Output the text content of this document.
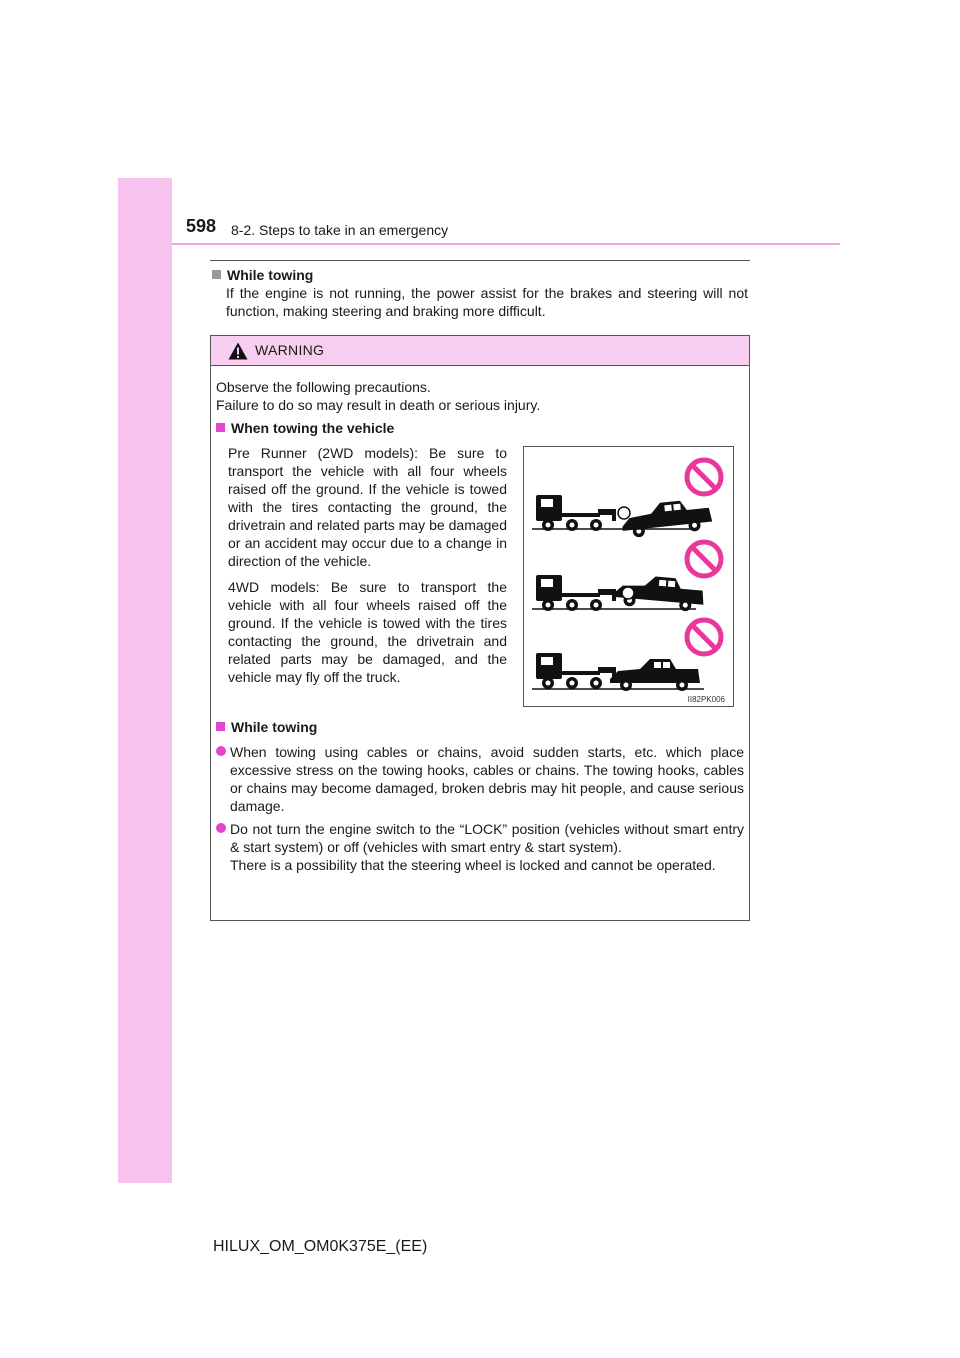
598 8-2. Steps to take in an emergency
While towing
If the engine is not running, the power assist for the brakes and steering will not function, making steering and braking more difficult.
WARNING
Observe the following precautions.
Failure to do so may result in death or serious injury.
When towing the vehicle

Pre Runner (2WD models): Be sure to transport the vehicle with all four wheels raised off the ground. If the vehicle is towed with the tires contacting the ground, the drivetrain and related parts may be damaged or an accident may occur due to a change in direction of the vehicle.

4WD models: Be sure to transport the vehicle with all four wheels raised off the ground. If the vehicle is towed with the tires contacting the ground, the drivetrain and related parts may be damaged, and the vehicle may fly off the truck.

II82PK006
While towing
When towing using cables or chains, avoid sudden starts, etc. which place excessive stress on the towing hooks, cables or chains. The towing hooks, cables or chains may become damaged, broken debris may hit people, and cause serious damage.
Do not turn the engine switch to the “LOCK” position (vehicles without smart entry & start system) or off (vehicles with smart entry & start system).
There is a possibility that the steering wheel is locked and cannot be operated.
HILUX_OM_OM0K375E_(EE)
